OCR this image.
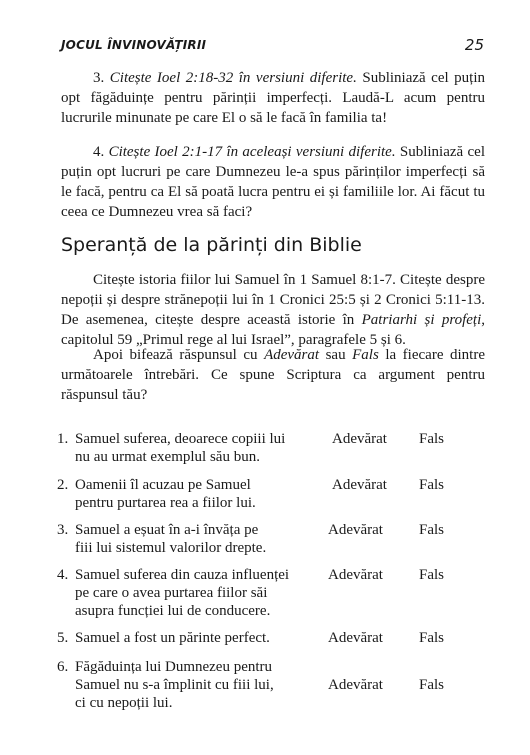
JOCUL ÎNVINOVĂȚIRII	25

3. Citește Ioel 2:18-32 în versiuni diferite. Subliniază cel puțin opt făgăduințe pentru părinții imperfecți. Laudă-L acum pentru lucrurile minunate pe care El o să le facă în familia ta!

4. Citește Ioel 2:1-17 în aceleași versiuni diferite. Subliniază cel puțin opt lucruri pe care Dumnezeu le-a spus părinților imperfecți să le facă, pentru ca El să poată lucra pentru ei și familiile lor. Ai făcut tu ceea ce Dumnezeu vrea să faci?

Speranță de la părinți din Biblie

Citește istoria fiilor lui Samuel în 1 Samuel 8:1-7. Citește despre nepoții și despre strănepoții lui în 1 Cronici 25:5 și 2 Cronici 5:11-13. De asemenea, citește despre această istorie în Patriarhi și profeți, capitolul 59 „Primul rege al lui Israel”, paragrafele 5 și 6.

Apoi bifează răspunsul cu Adevărat sau Fals la fiecare dintre următoarele întrebări. Ce spune Scriptura ca argument pentru răspunsul tău?

1. Samuel suferea, deoarece copiii lui
nu au urmat exemplul său bun.
Adevărat Fals
2. Oamenii îl acuzau pe Samuel
pentru purtarea rea a fiilor lui.
Adevărat Fals
3. Samuel a eșuat în a-i învăța pe
fiii lui sistemul valorilor drepte.
Adevărat Fals
4. Samuel suferea din cauza influenței
pe care o avea purtarea fiilor săi
asupra funcției lui de conducere.
Adevărat Fals
5. Samuel a fost un părinte perfect.	Adevărat Fals
6. Făgăduința lui Dumnezeu pentru
Samuel nu s-a împlinit cu fiii lui,
ci cu nepoții lui.
Adevărat Fals
